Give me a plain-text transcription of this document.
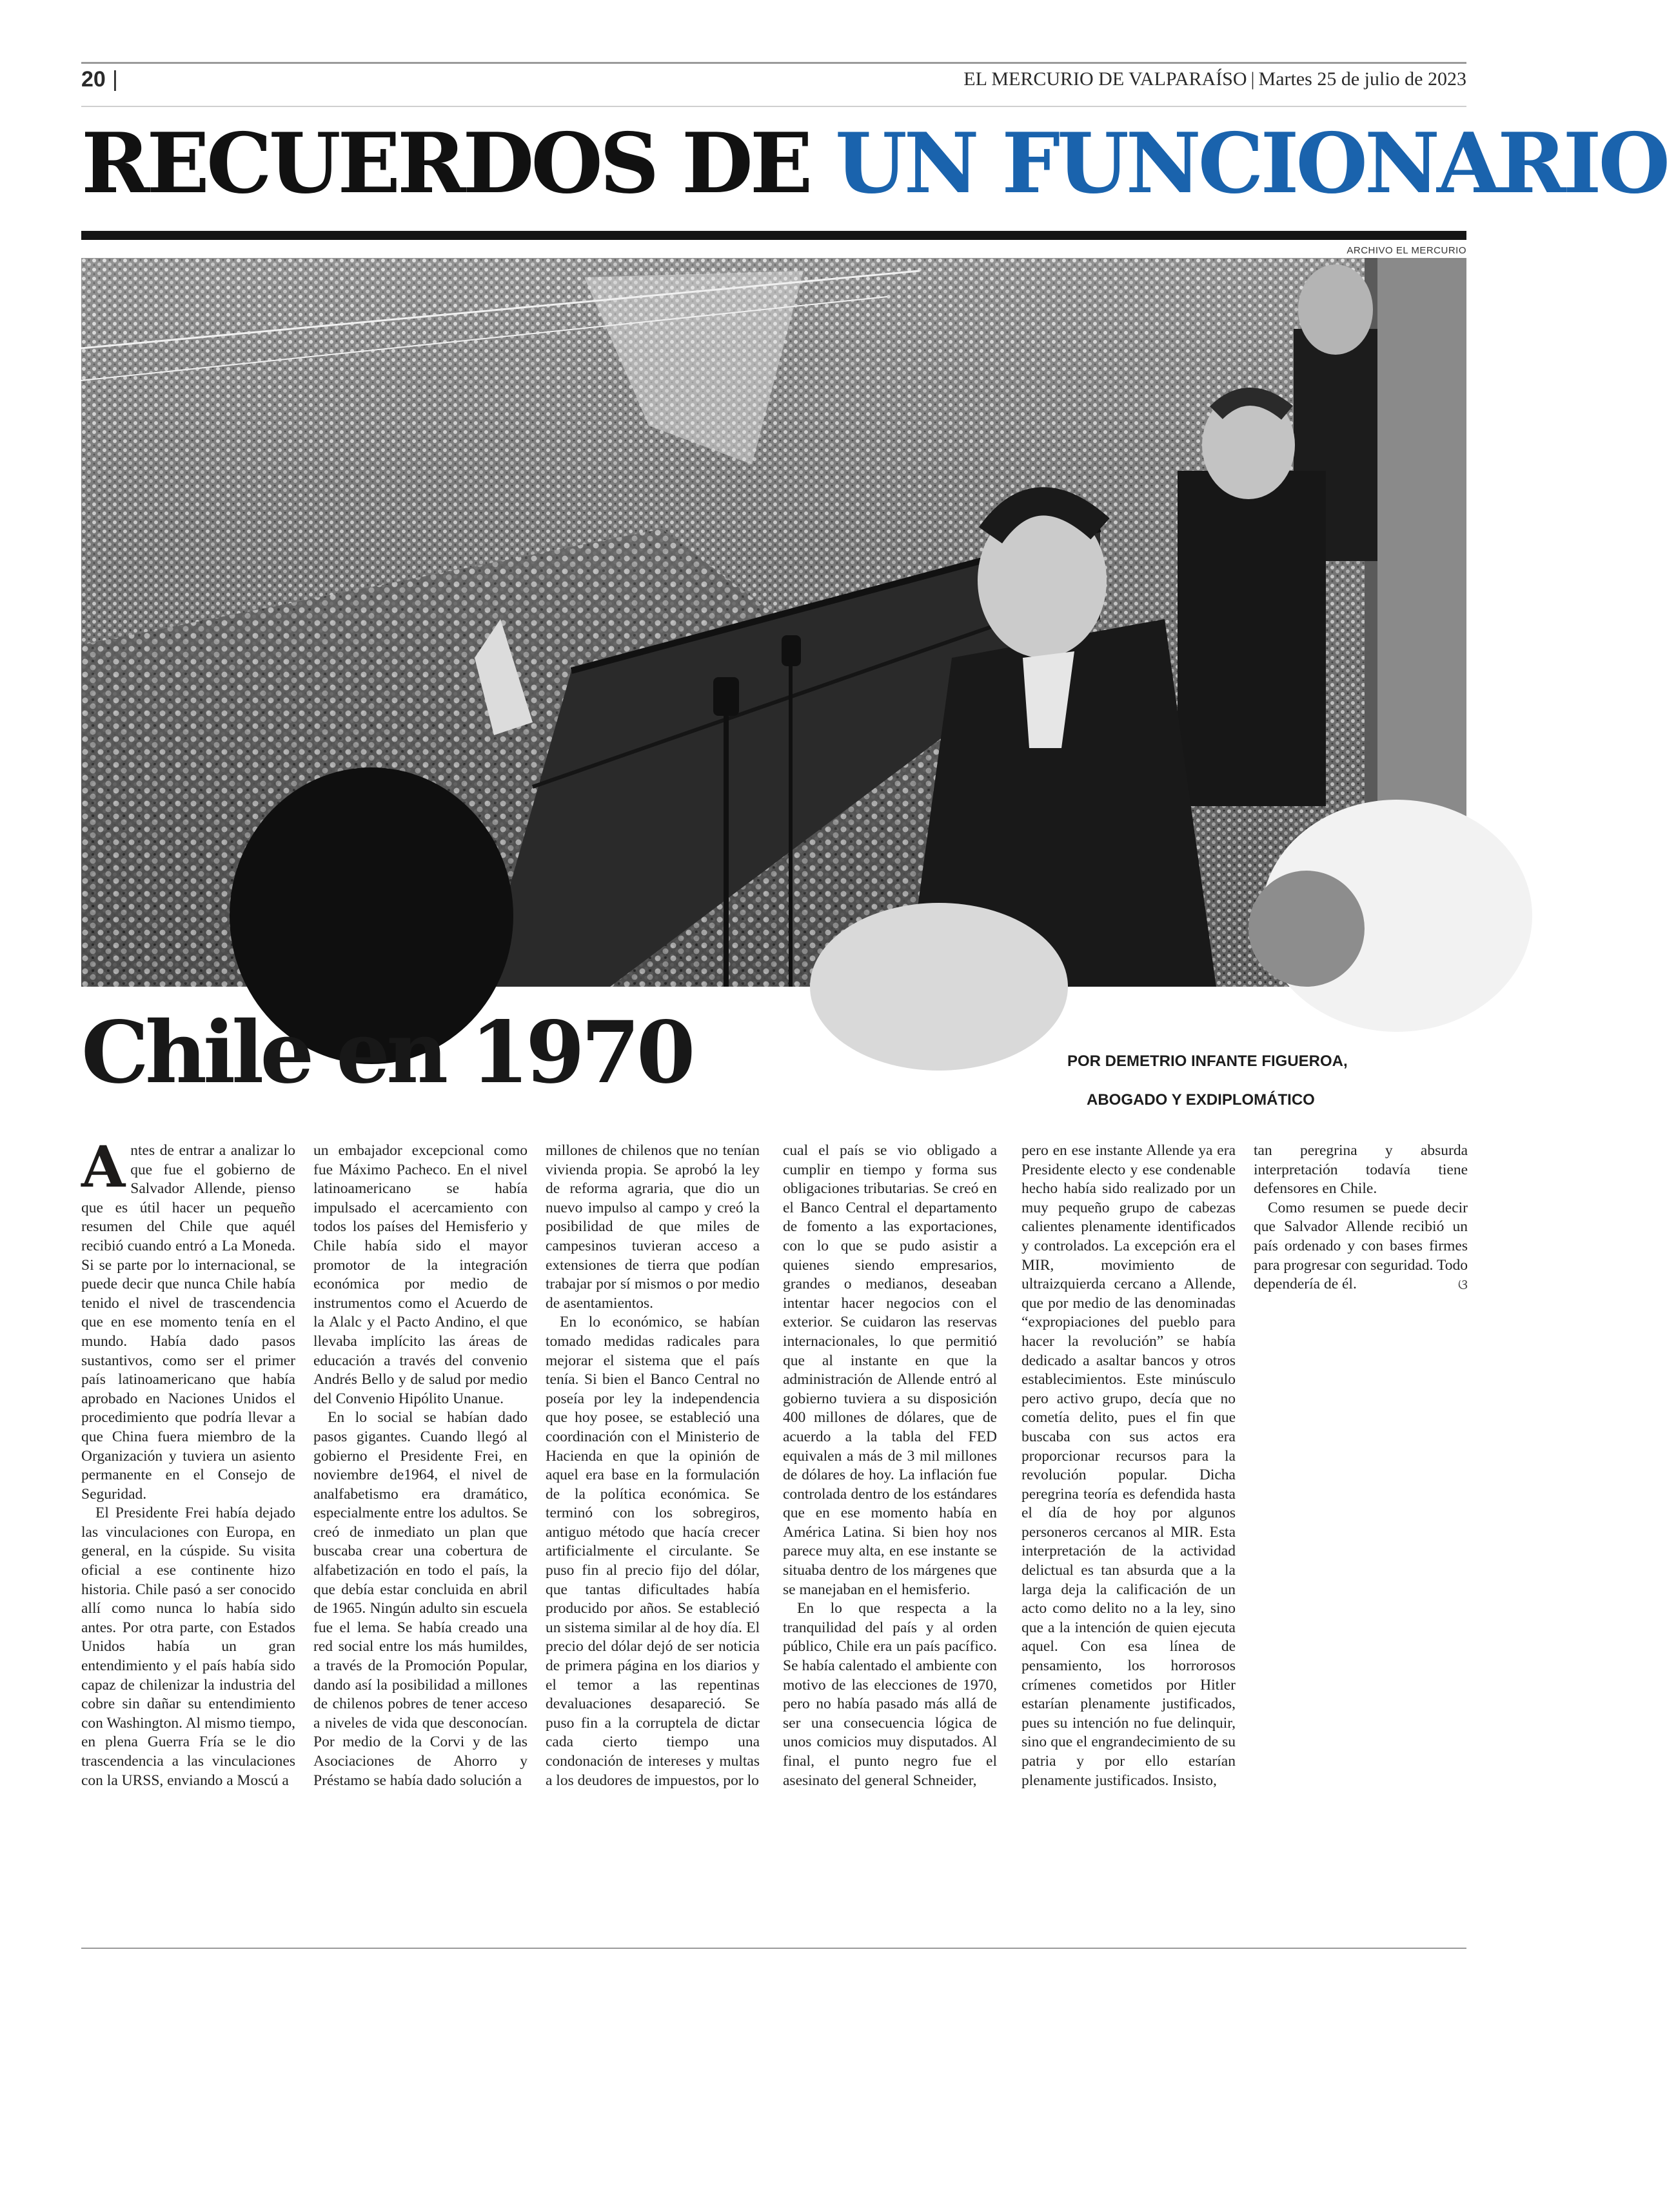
20 |	EL MERCURIO DE VALPARAÍSO | Martes 25 de julio de 2023
RECUERDOS DE UN FUNCIONARIO
ARCHIVO EL MERCURIO
Chile en 1970	POR DEMETRIO INFANTE FIGUEROA,
ABOGADO Y EXDIPLOMÁTICO

Antes de entrar a analizar lo que fue el gobierno de Salvador Allende, pienso que es útil hacer un pequeño resumen del Chile que aquél recibió cuando entró a La Moneda. Si se parte por lo internacional, se puede decir que nunca Chile había tenido el nivel de trascendencia que en ese momento tenía en el mundo. Había dado pasos sustantivos, como ser el primer país latinoamericano que había aprobado en Naciones Unidos el procedimiento que podría llevar a que China fuera miembro de la Organización y tuviera un asiento permanente en el Consejo de Seguridad.

El Presidente Frei había dejado las vinculaciones con Europa, en general, en la cúspide. Su visita oficial a ese continente hizo historia. Chile pasó a ser conocido allí como nunca lo había sido antes. Por otra parte, con Estados Unidos había un gran entendimiento y el país había sido capaz de chilenizar la industria del cobre sin dañar su entendimiento con Washington. Al mismo tiempo, en plena Guerra Fría se le dio trascendencia a las vinculaciones con la URSS, enviando a Moscú a

un embajador excepcional como fue Máximo Pacheco. En el nivel latinoamericano se había impulsado el acercamiento con todos los países del Hemisferio y Chile había sido el mayor promotor de la integración económica por medio de instrumentos como el Acuerdo de la Alalc y el Pacto Andino, el que llevaba implícito las áreas de educación a través del convenio Andrés Bello y de salud por medio del Convenio Hipólito Unanue.

En lo social se habían dado pasos gigantes. Cuando llegó al gobierno el Presidente Frei, en noviembre de1964, el nivel de analfabetismo era dramático, especialmente entre los adultos. Se creó de inmediato un plan que buscaba crear una cobertura de alfabetización en todo el país, la que debía estar concluida en abril de 1965. Ningún adulto sin escuela fue el lema. Se había creado una red social entre los más humildes, a través de la Promoción Popular, dando así la posibilidad a millones de chilenos pobres de tener acceso a niveles de vida que desconocían. Por medio de la Corvi y de las Asociaciones de Ahorro y Préstamo se había dado solución a

millones de chilenos que no tenían vivienda propia. Se aprobó la ley de reforma agraria, que dio un nuevo impulso al campo y creó la posibilidad de que miles de campesinos tuvieran acceso a extensiones de tierra que podían trabajar por sí mismos o por medio de asentamientos.

En lo económico, se habían tomado medidas radicales para mejorar el sistema que el país tenía. Si bien el Banco Central no poseía por ley la independencia que hoy posee, se estableció una coordinación con el Ministerio de Hacienda en que la opinión de aquel era base en la formulación de la política económica. Se terminó con los sobregiros, antiguo método que hacía crecer artificialmente el circulante. Se puso fin al precio fijo del dólar, que tantas dificultades había producido por años. Se estableció un sistema similar al de hoy día. El precio del dólar dejó de ser noticia de primera página en los diarios y el temor a las repentinas devaluaciones desapareció. Se puso fin a la corruptela de dictar cada cierto tiempo una condonación de intereses y multas a los deudores de impuestos, por lo

cual el país se vio obligado a cumplir en tiempo y forma sus obligaciones tributarias. Se creó en el Banco Central el departamento de fomento a las exportaciones, con lo que se pudo asistir a quienes siendo empresarios, grandes o medianos, deseaban intentar hacer negocios con el exterior. Se cuidaron las reservas internacionales, lo que permitió que al instante en que la administración de Allende entró al gobierno tuviera a su disposición 400 millones de dólares, que de acuerdo a la tabla del FED equivalen a más de 3 mil millones de dólares de hoy. La inflación fue controlada dentro de los estándares que en ese momento había en América Latina. Si bien hoy nos parece muy alta, en ese instante se situaba dentro de los márgenes que se manejaban en el hemisferio.

En lo que respecta a la tranquilidad del país y al orden público, Chile era un país pacífico. Se había calentado el ambiente con motivo de las elecciones de 1970, pero no había pasado más allá de ser una consecuencia lógica de unos comicios muy disputados. Al final, el punto negro fue el asesinato del general Schneider,

pero en ese instante Allende ya era Presidente electo y ese condenable hecho había sido realizado por un muy pequeño grupo de cabezas calientes plenamente identificados y controlados. La excepción era el MIR, movimiento de ultraizquierda cercano a Allende, que por medio de las denominadas “expropiaciones del pueblo para hacer la revolución” se había dedicado a asaltar bancos y otros establecimientos. Este minúsculo pero activo grupo, decía que no cometía delito, pues el fin que buscaba con sus actos era proporcionar recursos para la revolución popular. Dicha peregrina teoría es defendida hasta el día de hoy por algunos personeros cercanos al MIR. Esta interpretación de la actividad delictual es tan absurda que a la larga deja la calificación de un acto como delito no a la ley, sino que a la intención de quien ejecuta aquel. Con esa línea de pensamiento, los horrorosos crímenes cometidos por Hitler estarían plenamente justificados, pues su intención no fue delinquir, sino que el engrandecimiento de su patria y por ello estarían plenamente justificados. Insisto,

tan peregrina y absurda interpretación todavía tiene defensores en Chile.

Como resumen se puede decir que Salvador Allende recibió un país ordenado y con bases firmes para progresar con seguridad. Todo dependería de él.	ଓ
